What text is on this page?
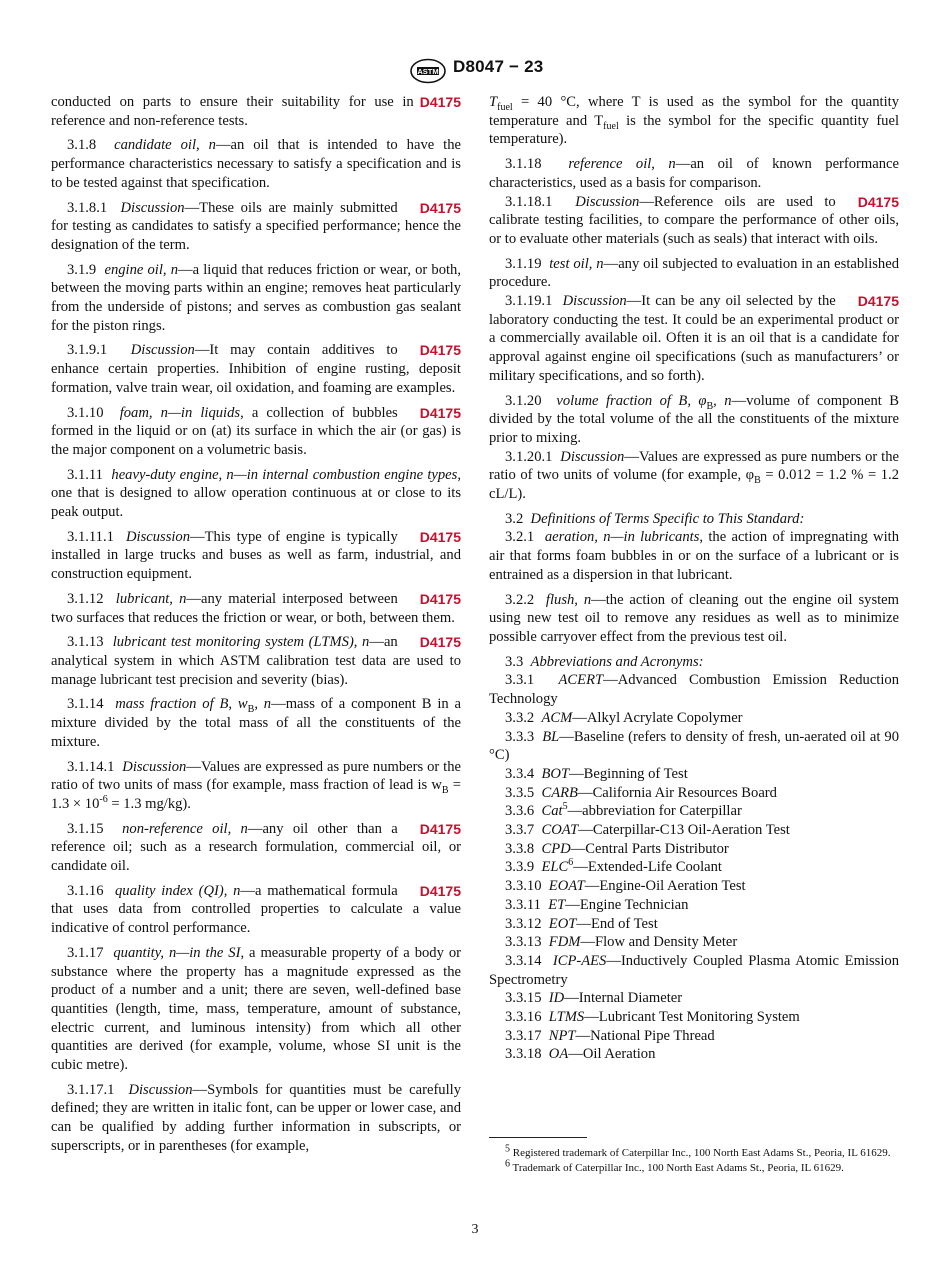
ASTM D8047 − 23

D4175
conducted on parts to ensure their suitability for use in reference and non-reference tests.

3.1.8  candidate oil, n—an oil that is intended to have the performance characteristics necessary to satisfy a specification and is to be tested against that specification.

D4175
3.1.8.1  Discussion—These oils are mainly submitted for testing as candidates to satisfy a specified performance; hence the designation of the term.

3.1.9  engine oil, n—a liquid that reduces friction or wear, or both, between the moving parts within an engine; removes heat particularly from the underside of pistons; and serves as combustion gas sealant for the piston rings.

D4175
3.1.9.1  Discussion—It may contain additives to enhance certain properties. Inhibition of engine rusting, deposit formation, valve train wear, oil oxidation, and foaming are examples.

D4175
3.1.10  foam, n—in liquids, a collection of bubbles formed in the liquid or on (at) its surface in which the air (or gas) is the major component on a volumetric basis.

3.1.11  heavy-duty engine, n—in internal combustion engine types, one that is designed to allow operation continuous at or close to its peak output.

D4175
3.1.11.1  Discussion—This type of engine is typically installed in large trucks and buses as well as farm, industrial, and construction equipment.

D4175
3.1.12  lubricant, n—any material interposed between two surfaces that reduces the friction or wear, or both, between them.

D4175
3.1.13  lubricant test monitoring system (LTMS), n—an analytical system in which ASTM calibration test data are used to manage lubricant test precision and severity (bias).

3.1.14  mass fraction of B, $w_B$, n—mass of a component B in a mixture divided by the total mass of all the constituents of the mixture.

3.1.14.1  Discussion—Values are expressed as pure numbers or the ratio of two units of mass (for example, mass fraction of lead is $w_B = 1.3 \times 10^{-6} = 1.3$ mg/kg).

D4175
3.1.15  non-reference oil, n—any oil other than a reference oil; such as a research formulation, commercial oil, or candidate oil.

D4175
3.1.16  quality index (QI), n—a mathematical formula that uses data from controlled properties to calculate a value indicative of control performance.

3.1.17  quantity, n—in the SI, a measurable property of a body or substance where the property has a magnitude expressed as the product of a number and a unit; there are seven, well-defined base quantities (length, time, mass, temperature, amount of substance, electric current, and luminous intensity) from which all other quantities are derived (for example, volume, whose SI unit is the cubic metre).

3.1.17.1  Discussion—Symbols for quantities must be carefully defined; they are written in italic font, can be upper or lower case, and can be qualified by adding further information in subscripts, or superscripts, or in parentheses (for example,

$T_{fuel} = 40$ °C, where T is used as the symbol for the quantity temperature and $T_{fuel}$ is the symbol for the specific quantity fuel temperature).

3.1.18  reference oil, n—an oil of known performance characteristics, used as a basis for comparison.

D4175
3.1.18.1  Discussion—Reference oils are used to calibrate testing facilities, to compare the performance of other oils, or to evaluate other materials (such as seals) that interact with oils.

3.1.19  test oil, n—any oil subjected to evaluation in an established procedure.

D4175
3.1.19.1  Discussion—It can be any oil selected by the laboratory conducting the test. It could be an experimental product or a commercially available oil. Often it is an oil that is a candidate for approval against engine oil specifications (such as manufacturers’ or military specifications, and so forth).

3.1.20  volume fraction of B, $\varphi_B$, n—volume of component B divided by the total volume of the all the constituents of the mixture prior to mixing.

3.1.20.1  Discussion—Values are expressed as pure numbers or the ratio of two units of volume (for example, $\varphi_B = 0.012 = 1.2$ % = 1.2 cL/L).

3.2  Definitions of Terms Specific to This Standard:

3.2.1  aeration, n—in lubricants, the action of impregnating with air that forms foam bubbles in or on the surface of a lubricant or is entrained as a dispersion in that lubricant.

3.2.2  flush, n—the action of cleaning out the engine oil system using new test oil to remove any residues as well as to minimize possible carryover effect from the previous test oil.

3.3  Abbreviations and Acronyms:

3.3.1  ACERT—Advanced Combustion Emission Reduction Technology

3.3.2  ACM—Alkyl Acrylate Copolymer

3.3.3  BL—Baseline (refers to density of fresh, un-aerated oil at 90 °C)

3.3.4  BOT—Beginning of Test

3.3.5  CARB—California Air Resources Board

3.3.6  Cat$^5$—abbreviation for Caterpillar

3.3.7  COAT—Caterpillar-C13 Oil-Aeration Test

3.3.8  CPD—Central Parts Distributor

3.3.9  ELC$^6$—Extended-Life Coolant

3.3.10  EOAT—Engine-Oil Aeration Test

3.3.11  ET—Engine Technician

3.3.12  EOT—End of Test

3.3.13  FDM—Flow and Density Meter

3.3.14  ICP-AES—Inductively Coupled Plasma Atomic Emission Spectrometry

3.3.15  ID—Internal Diameter

3.3.16  LTMS—Lubricant Test Monitoring System

3.3.17  NPT—National Pipe Thread

3.3.18  OA—Oil Aeration

$^5$ Registered trademark of Caterpillar Inc., 100 North East Adams St., Peoria, IL 61629.

$^6$ Trademark of Caterpillar Inc., 100 North East Adams St., Peoria, IL 61629.

3
